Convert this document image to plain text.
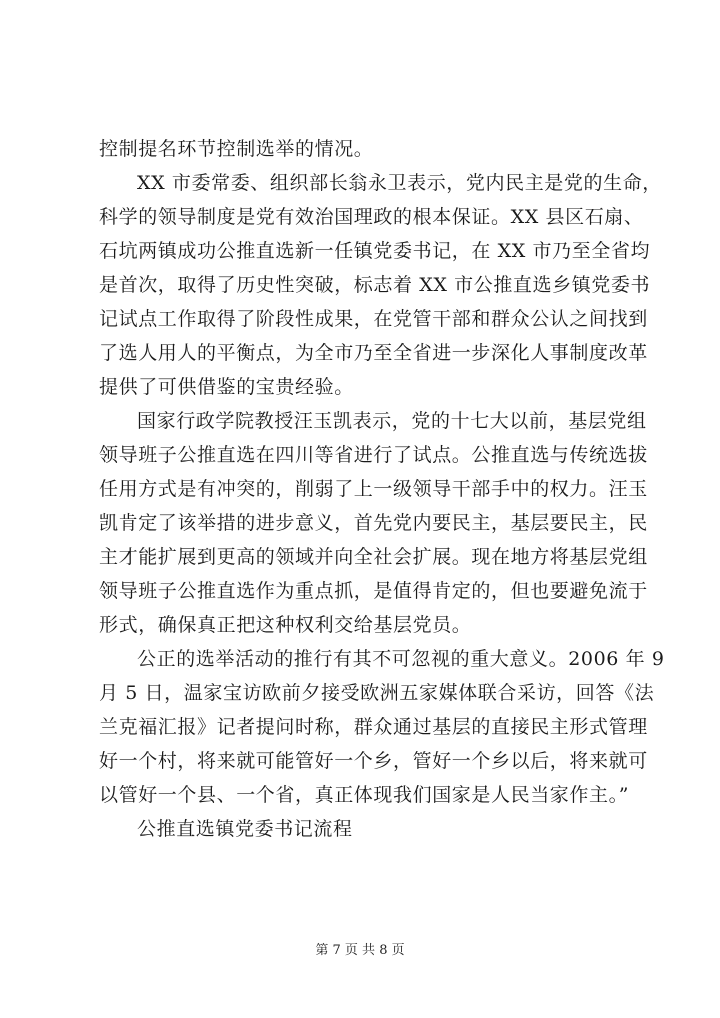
控制提名环节控制选举的情况。
XX 市委常委、组织部长翁永卫表示，党内民主是党的生命，
科学的领导制度是党有效治国理政的根本保证。XX 县区石扇、
石坑两镇成功公推直选新一任镇党委书记，在 XX 市乃至全省均
是首次，取得了历史性突破，标志着 XX 市公推直选乡镇党委书
记试点工作取得了阶段性成果，在党管干部和群众公认之间找到
了选人用人的平衡点，为全市乃至全省进一步深化人事制度改革
提供了可供借鉴的宝贵经验。
国家行政学院教授汪玉凯表示，党的十七大以前，基层党组
领导班子公推直选在四川等省进行了试点。公推直选与传统选拔
任用方式是有冲突的，削弱了上一级领导干部手中的权力。汪玉
凯肯定了该举措的进步意义，首先党内要民主，基层要民主，民
主才能扩展到更高的领域并向全社会扩展。现在地方将基层党组
领导班子公推直选作为重点抓，是值得肯定的，但也要避免流于
形式，确保真正把这种权利交给基层党员。
公正的选举活动的推行有其不可忽视的重大意义。2006 年 9
月 5 日，温家宝访欧前夕接受欧洲五家媒体联合采访，回答《法
兰克福汇报》记者提问时称，群众通过基层的直接民主形式管理
好一个村，将来就可能管好一个乡，管好一个乡以后，将来就可
以管好一个县、一个省，真正体现我们国家是人民当家作主。”
公推直选镇党委书记流程
第 7 页 共 8 页
